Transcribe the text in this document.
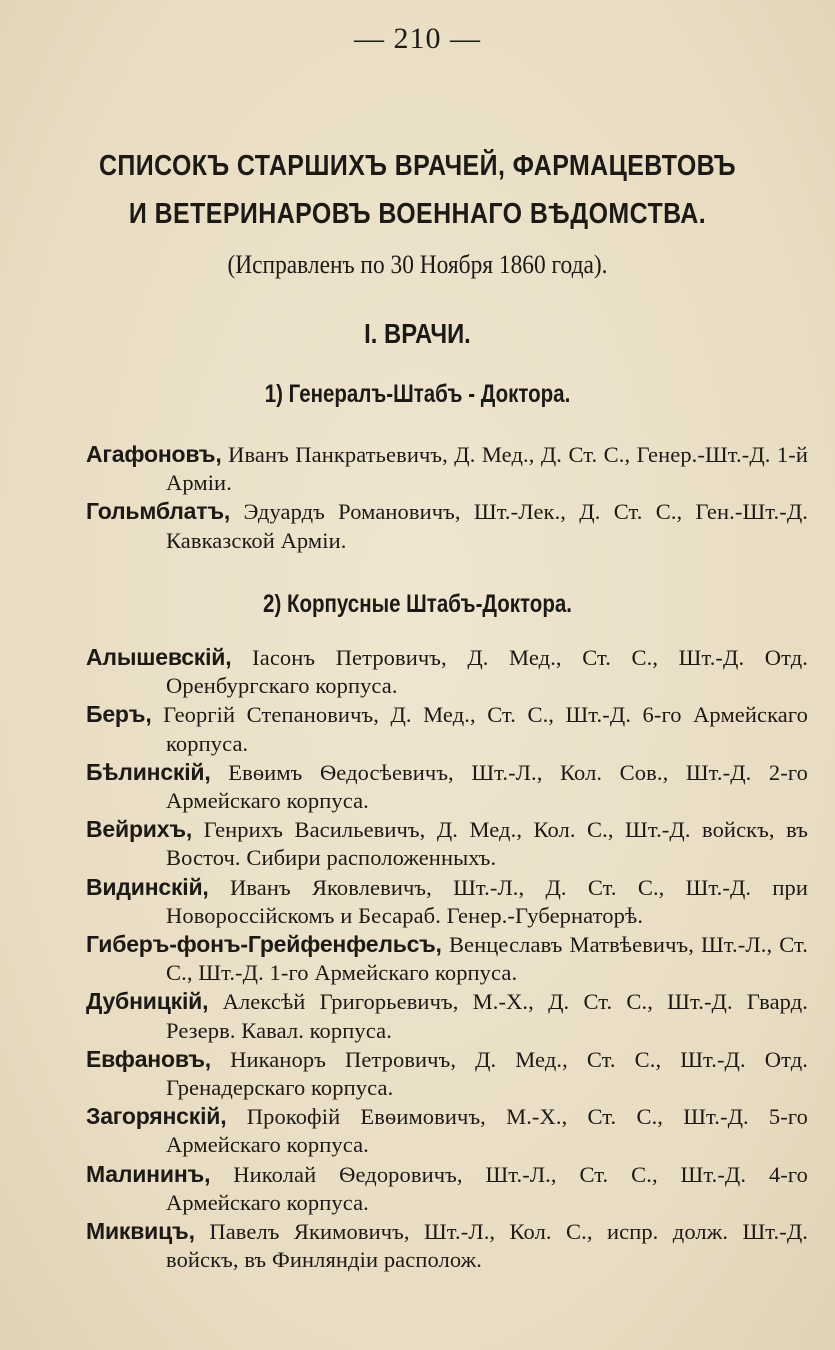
— 210 —
СПИСОКЪ СТАРШИХЪ ВРАЧЕЙ, ФАРМАЦЕВТОВЪ
И ВЕТЕРИНАРОВЪ ВОЕННАГО ВѢДОМСТВА.
(Исправленъ по 30 Ноября 1860 года).
I. ВРАЧИ.
1) Генералъ-Штабъ - Доктора.
Агафоновъ, Иванъ Панкратьевичъ, Д. Мед., Д. Ст. С., Генер.-Шт.-Д. 1-й Арміи.
Гольмблатъ, Эдуардъ Романовичъ, Шт.-Лек., Д. Ст. С., Ген.-Шт.-Д. Кавказской Арміи.
2) Корпусные Штабъ-Доктора.
Алышевскій, Іасонъ Петровичъ, Д. Мед., Ст. С., Шт.-Д. Отд. Оренбургскаго корпуса.
Беръ, Георгій Степановичъ, Д. Мед., Ст. С., Шт.-Д. 6-го Армейскаго корпуса.
Бѣлинскій, Евѳимъ Ѳедосѣевичъ, Шт.-Л., Кол. Сов., Шт.-Д. 2-го Армейскаго корпуса.
Вейрихъ, Генрихъ Васильевичъ, Д. Мед., Кол. С., Шт.-Д. войскъ, въ Восточ. Сибири расположенныхъ.
Видинскій, Иванъ Яковлевичъ, Шт.-Л., Д. Ст. С., Шт.-Д. при Новороссійскомъ и Бесараб. Генер.-Губернаторѣ.
Гиберъ-фонъ-Грейфенфельсъ, Венцеславъ Матвѣевичъ, Шт.-Л., Ст. С., Шт.-Д. 1-го Армейскаго корпуса.
Дубницкій, Алексѣй Григорьевичъ, М.-Х., Д. Ст. С., Шт.-Д. Гвард. Резерв. Кавал. корпуса.
Евфановъ, Никаноръ Петровичъ, Д. Мед., Ст. С., Шт.-Д. Отд. Гренадерскаго корпуса.
Загорянскій, Прокофій Евѳимовичъ, М.-Х., Ст. С., Шт.-Д. 5-го Армейскаго корпуса.
Малининъ, Николай Ѳедоровичъ, Шт.-Л., Ст. С., Шт.-Д. 4-го Армейскаго корпуса.
Миквицъ, Павелъ Якимовичъ, Шт.-Л., Кол. С., испр. долж. Шт.-Д. войскъ, въ Финляндіи располож.
